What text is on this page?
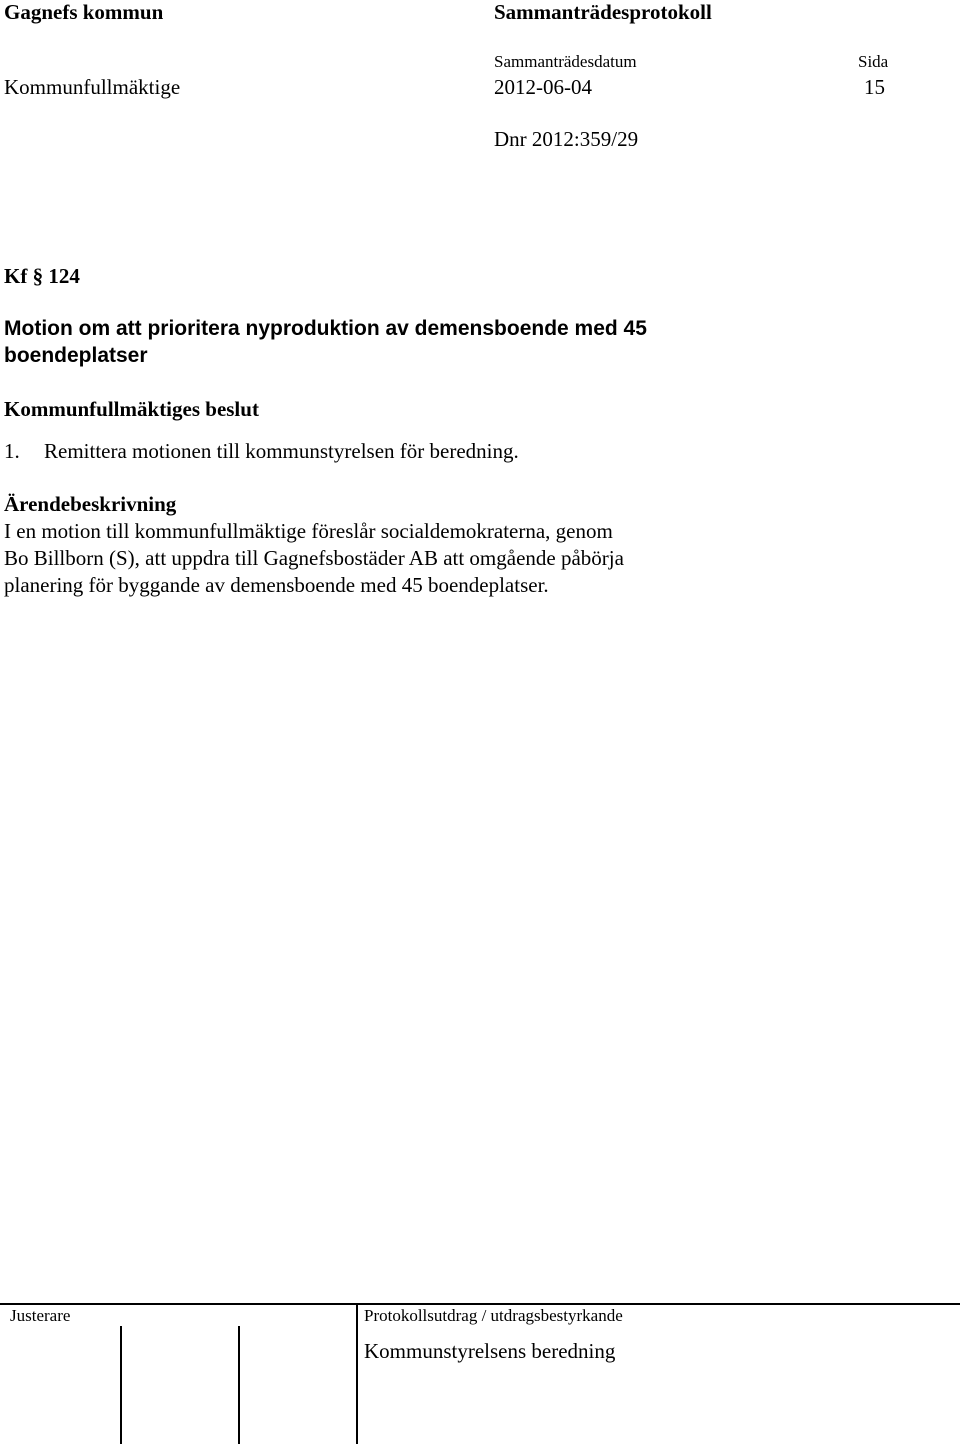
Gagnefs kommun	Sammanträdesprotokoll
Sammanträdesdatum	Sida
Kommunfullmäktige	2012-06-04	15
Dnr 2012:359/29
Kf § 124
Motion om att prioritera nyproduktion av demensboende med 45 boendeplatser
Kommunfullmäktiges beslut
1. Remittera motionen till kommunstyrelsen för beredning.
Ärendebeskrivning
I en motion till kommunfullmäktige föreslår socialdemokraterna, genom
Bo Billborn (S), att uppdra till Gagnefsbostäder AB att omgående påbörja
planering för byggande av demensboende med 45 boendeplatser.
Justerare	Protokollsutdrag / utdragsbestyrkande
Kommunstyrelsens beredning
